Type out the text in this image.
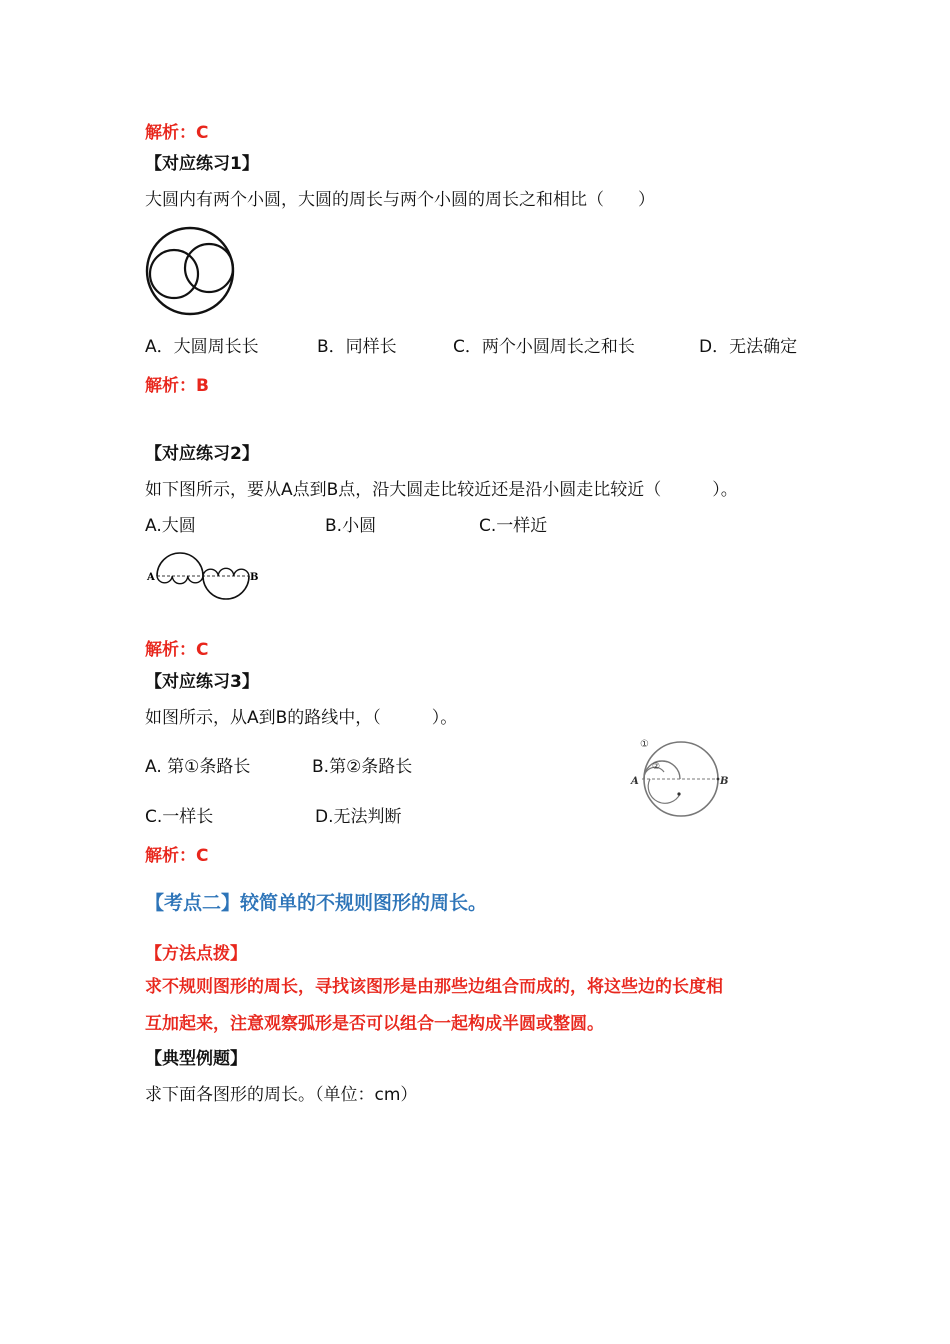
解析：C
【对应练习1】
大圆内有两个小圆，大圆的周长与两个小圆的周长之和相比（　　）
A．大圆周长长	B．同样长	C．两个小圆周长之和长	D．无法确定
解析：B
【对应练习2】
如下图所示，要从A点到B点，沿大圆走比较近还是沿小圆走比较近（　　　）。
A.大圆	B.小圆	C.一样近
A	B
解析：C
【对应练习3】
如图所示，从A到B的路线中，（　　　）。
A. 第①条路长	B.第②条路长
C.一样长	D.无法判断
①
②
A	B
解析：C
【考点二】较简单的不规则图形的周长。
【方法点拨】
求不规则图形的周长，寻找该图形是由那些边组合而成的，将这些边的长度相
互加起来，注意观察弧形是否可以组合一起构成半圆或整圆。
【典型例题】
求下面各图形的周长。（单位：cm）
